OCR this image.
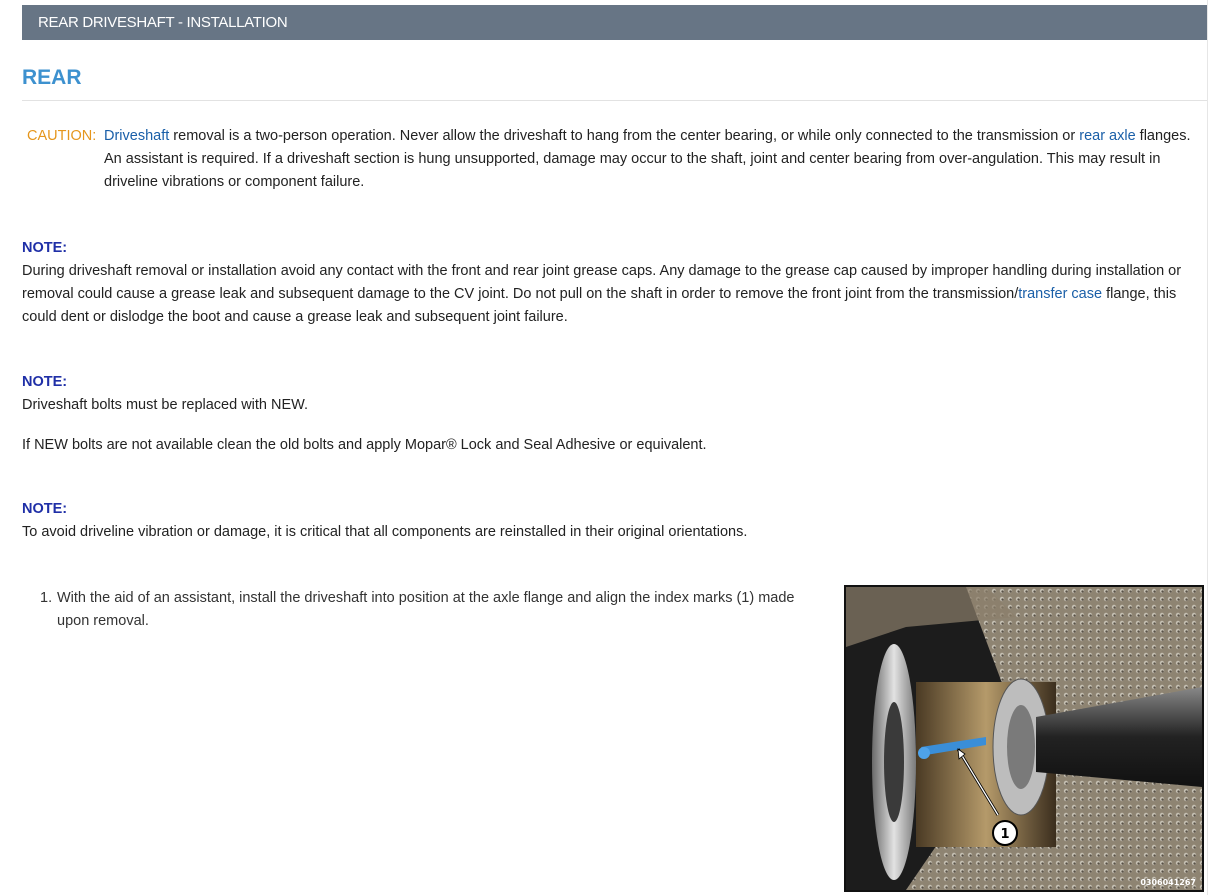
REAR DRIVESHAFT - INSTALLATION
REAR
CAUTION: Driveshaft removal is a two-person operation. Never allow the driveshaft to hang from the center bearing, or while only connected to the transmission or rear axle flanges. An assistant is required. If a driveshaft section is hung unsupported, damage may occur to the shaft, joint and center bearing from over-angulation. This may result in driveline vibrations or component failure.
NOTE:
During driveshaft removal or installation avoid any contact with the front and rear joint grease caps. Any damage to the grease cap caused by improper handling during installation or removal could cause a grease leak and subsequent damage to the CV joint. Do not pull on the shaft in order to remove the front joint from the transmission/transfer case flange, this could dent or dislodge the boot and cause a grease leak and subsequent joint failure.
NOTE:
Driveshaft bolts must be replaced with NEW.
If NEW bolts are not available clean the old bolts and apply Mopar® Lock and Seal Adhesive or equivalent.
NOTE:
To avoid driveline vibration or damage, it is critical that all components are reinstalled in their original orientations.
1. With the aid of an assistant, install the driveshaft into position at the axle flange and align the index marks (1) made upon removal.
1
0306041267
